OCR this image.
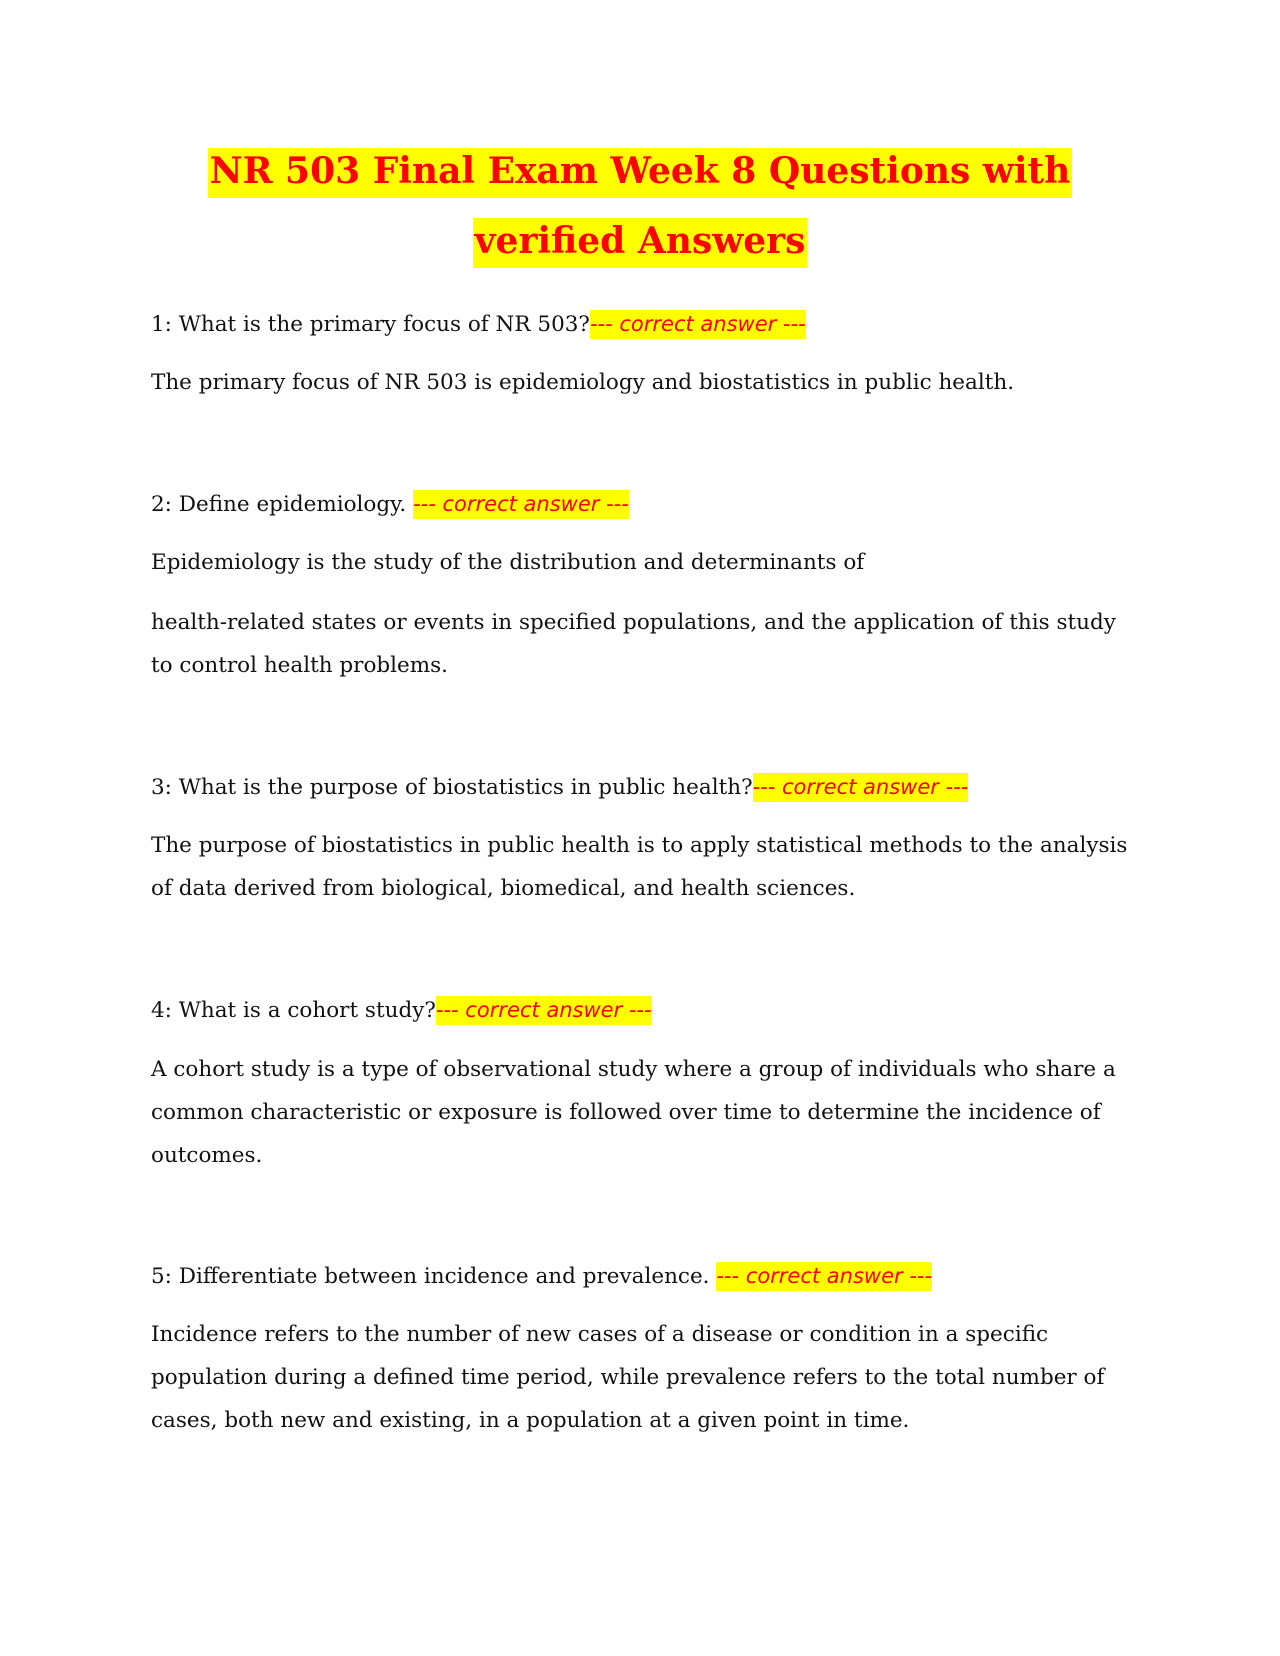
NR 503 Final Exam Week 8 Questions with
verified Answers
1: What is the primary focus of NR 503?--- correct answer ---

The primary focus of NR 503 is epidemiology and biostatistics in public health.

2: Define epidemiology. --- correct answer ---

Epidemiology is the study of the distribution and determinants of

health-related states or events in specified populations, and the application of this study to control health problems.

3: What is the purpose of biostatistics in public health?--- correct answer ---

The purpose of biostatistics in public health is to apply statistical methods to the analysis of data derived from biological, biomedical, and health sciences.

4: What is a cohort study?--- correct answer ---

A cohort study is a type of observational study where a group of individuals who share a common characteristic or exposure is followed over time to determine the incidence of outcomes.

5: Differentiate between incidence and prevalence. --- correct answer ---

Incidence refers to the number of new cases of a disease or condition in a specific population during a defined time period, while prevalence refers to the total number of cases, both new and existing, in a population at a given point in time.
